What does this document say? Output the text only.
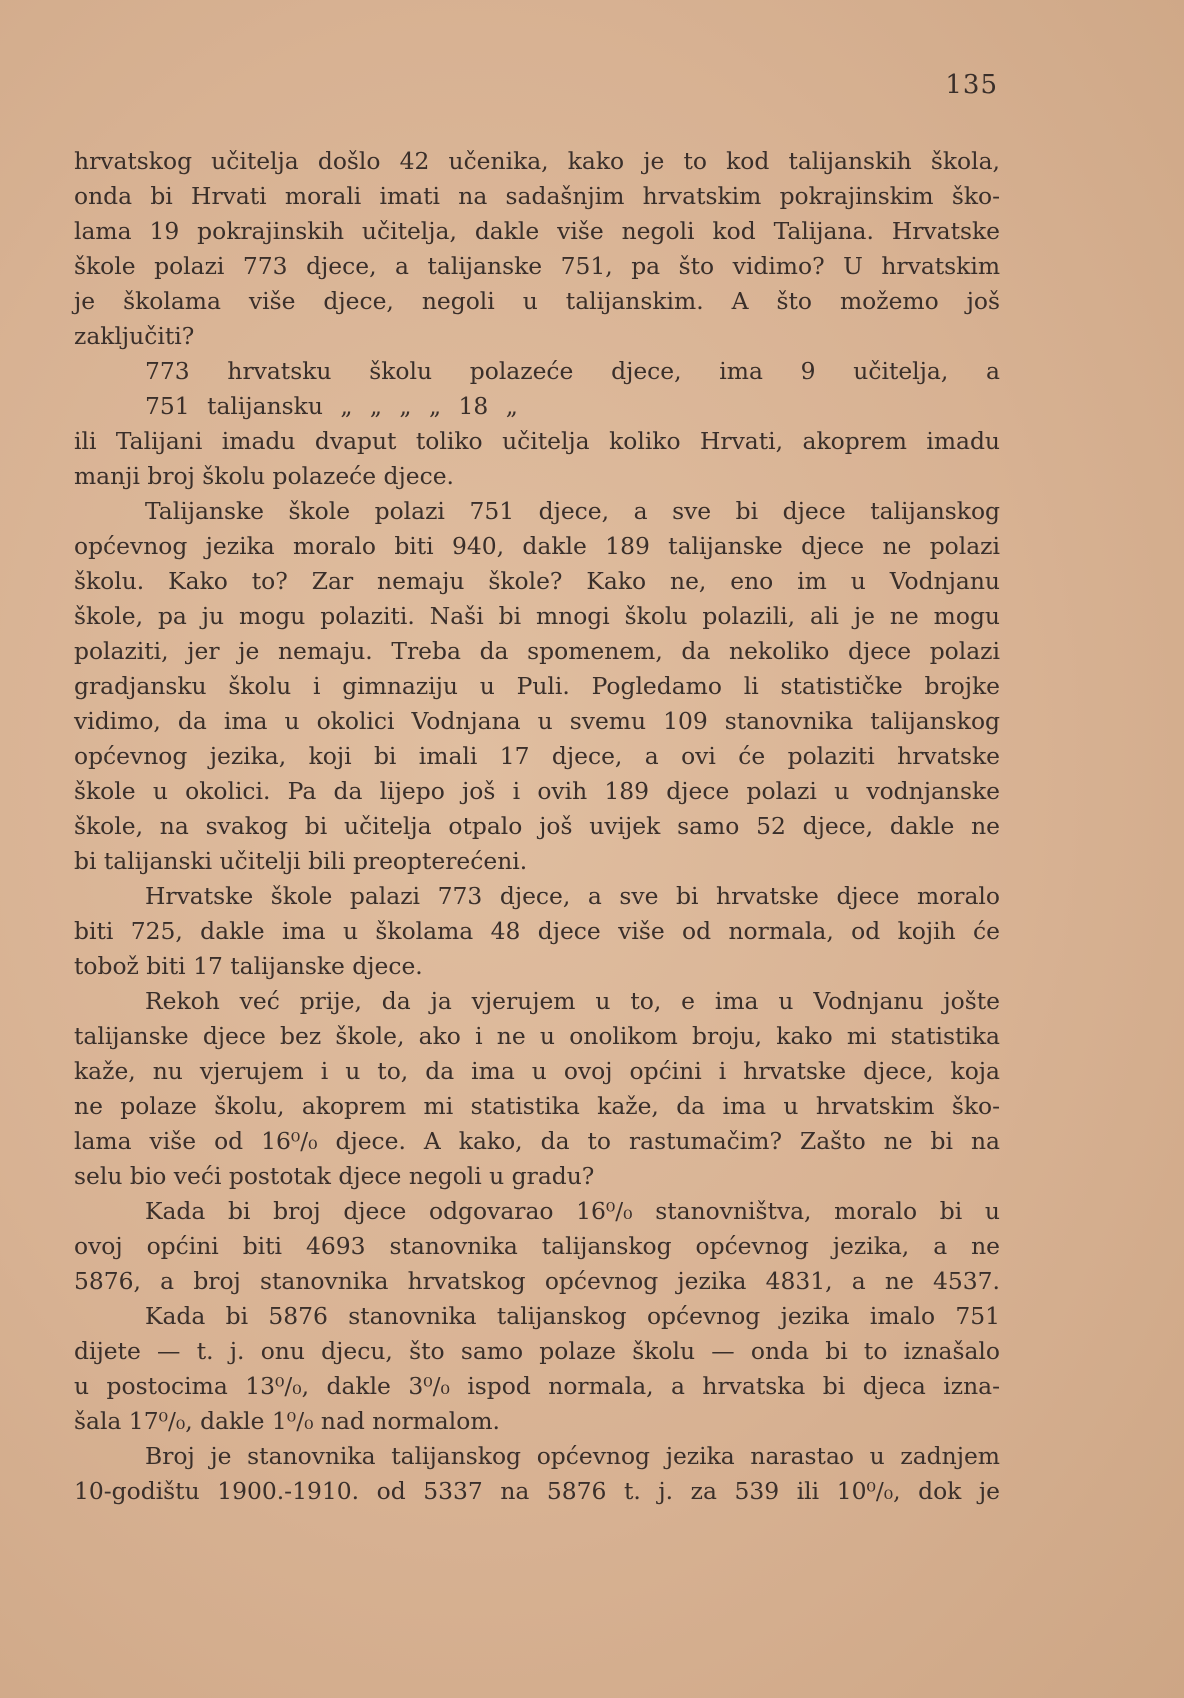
135
hrvatskog učitelja došlo 42 učenika, kako je to kod talijanskih škola,
onda bi Hrvati morali imati na sadašnjim hrvatskim pokrajinskim ško-
lama 19 pokrajinskih učitelja, dakle više negoli kod Talijana. Hrvatske
škole polazi 773 djece, a talijanske 751, pa što vidimo? U hrvatskim
je školama više djece, negoli u talijanskim. A što možemo još
zaključiti?
773 hrvatsku školu polazeće djece, ima 9 učitelja, a
751 talijansku „ „ „ „ 18 „
ili Talijani imadu dvaput toliko učitelja koliko Hrvati, akoprem imadu
manji broj školu polazeće djece.
Talijanske škole polazi 751 djece, a sve bi djece talijanskog
općevnog jezika moralo biti 940, dakle 189 talijanske djece ne polazi
školu. Kako to? Zar nemaju škole? Kako ne, eno im u Vodnjanu
škole, pa ju mogu polaziti. Naši bi mnogi školu polazili, ali je ne mogu
polaziti, jer je nemaju. Treba da spomenem, da nekoliko djece polazi
gradjansku školu i gimnaziju u Puli. Pogledamo li statističke brojke
vidimo, da ima u okolici Vodnjana u svemu 109 stanovnika talijanskog
općevnog jezika, koji bi imali 17 djece, a ovi će polaziti hrvatske
škole u okolici. Pa da lijepo još i ovih 189 djece polazi u vodnjanske
škole, na svakog bi učitelja otpalo još uvijek samo 52 djece, dakle ne
bi talijanski učitelji bili preopterećeni.
Hrvatske škole palazi 773 djece, a sve bi hrvatske djece moralo
biti 725, dakle ima u školama 48 djece više od normala, od kojih će
tobož biti 17 talijanske djece.
Rekoh već prije, da ja vjerujem u to, e ima u Vodnjanu jošte
talijanske djece bez škole, ako i ne u onolikom broju, kako mi statistika
kaže, nu vjerujem i u to, da ima u ovoj općini i hrvatske djece, koja
ne polaze školu, akoprem mi statistika kaže, da ima u hrvatskim ško-
lama više od 16⁰/₀ djece. A kako, da to rastumačim? Zašto ne bi na
selu bio veći postotak djece negoli u gradu?
Kada bi broj djece odgovarao 16⁰/₀ stanovništva, moralo bi u
ovoj općini biti 4693 stanovnika talijanskog općevnog jezika, a ne
5876, a broj stanovnika hrvatskog općevnog jezika 4831, a ne 4537.
Kada bi 5876 stanovnika talijanskog općevnog jezika imalo 751
dijete — t. j. onu djecu, što samo polaze školu — onda bi to iznašalo
u postocima 13⁰/₀, dakle 3⁰/₀ ispod normala, a hrvatska bi djeca izna-
šala 17⁰/₀, dakle 1⁰/₀ nad normalom.
Broj je stanovnika talijanskog općevnog jezika narastao u zadnjem
10-godištu 1900.-1910. od 5337 na 5876 t. j. za 539 ili 10⁰/₀, dok je
